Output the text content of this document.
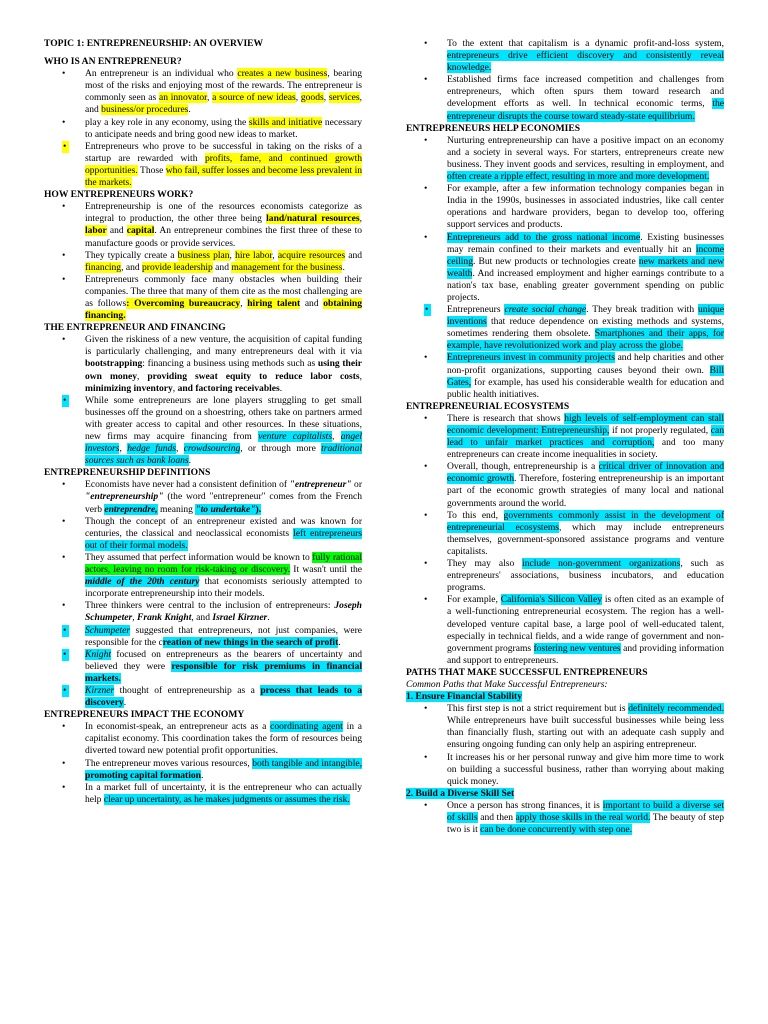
TOPIC 1: ENTREPRENEURSHIP: AN OVERVIEW

WHO IS AN ENTREPRENEUR?

• An entrepreneur is an individual who creates a new business, bearing most of the risks and enjoying most of the rewards. The entrepreneur is commonly seen as an innovator, a source of new ideas, goods, services, and business/or procedures.
• play a key role in any economy, using the skills and initiative necessary to anticipate needs and bring good new ideas to market.
• Entrepreneurs who prove to be successful in taking on the risks of a startup are rewarded with profits, fame, and continued growth opportunities. Those who fail, suffer losses and become less prevalent in the markets.

HOW ENTREPRENEURS WORK?

• Entrepreneurship is one of the resources economists categorize as integral to production, the other three being land/natural resources, labor and capital. An entrepreneur combines the first three of these to manufacture goods or provide services.
• They typically create a business plan, hire labor, acquire resources and financing, and provide leadership and management for the business.
• Entrepreneurs commonly face many obstacles when building their companies. The three that many of them cite as the most challenging are as follows: Overcoming bureaucracy, hiring talent and obtaining financing.

THE ENTREPRENEUR AND FINANCING

• Given the riskiness of a new venture, the acquisition of capital funding is particularly challenging, and many entrepreneurs deal with it via bootstrapping: financing a business using methods such as using their own money, providing sweat equity to reduce labor costs, minimizing inventory, and factoring receivables.
• While some entrepreneurs are lone players struggling to get small businesses off the ground on a shoestring, others take on partners armed with greater access to capital and other resources. In these situations, new firms may acquire financing from venture capitalists, angel investors, hedge funds, crowdsourcing, or through more traditional sources such as bank loans.

ENTREPRENEURSHIP DEFINITIONS

• Economists have never had a consistent definition of "entrepreneur" or "entrepreneurship" (the word "entrepreneur" comes from the French verb entreprendre, meaning "to undertake").
• Though the concept of an entrepreneur existed and was known for centuries, the classical and neoclassical economists left entrepreneurs out of their formal models.
• They assumed that perfect information would be known to fully rational actors, leaving no room for risk-taking or discovery. It wasn't until the middle of the 20th century that economists seriously attempted to incorporate entrepreneurship into their models.
• Three thinkers were central to the inclusion of entrepreneurs: Joseph Schumpeter, Frank Knight, and Israel Kirzner.
• Schumpeter suggested that entrepreneurs, not just companies, were responsible for the creation of new things in the search of profit.
• Knight focused on entrepreneurs as the bearers of uncertainty and believed they were responsible for risk premiums in financial markets.
• Kirzner thought of entrepreneurship as a process that leads to a discovery.

ENTREPRENEURS IMPACT THE ECONOMY

• In economist-speak, an entrepreneur acts as a coordinating agent in a capitalist economy. This coordination takes the form of resources being diverted toward new potential profit opportunities.
• The entrepreneur moves various resources, both tangible and intangible, promoting capital formation.
• In a market full of uncertainty, it is the entrepreneur who can actually help clear up uncertainty, as he makes judgments or assumes the risk.
• To the extent that capitalism is a dynamic profit-and-loss system, entrepreneurs drive efficient discovery and consistently reveal knowledge.
• Established firms face increased competition and challenges from entrepreneurs, which often spurs them toward research and development efforts as well. In technical economic terms, the entrepreneur disrupts the course toward steady-state equilibrium.

ENTREPRENEURS HELP ECONOMIES

• Nurturing entrepreneurship can have a positive impact on an economy and a society in several ways. For starters, entrepreneurs create new business. They invent goods and services, resulting in employment, and often create a ripple effect, resulting in more and more development.
• For example, after a few information technology companies began in India in the 1990s, businesses in associated industries, like call center operations and hardware providers, began to develop too, offering support services and products.
• Entrepreneurs add to the gross national income. Existing businesses may remain confined to their markets and eventually hit an income ceiling. But new products or technologies create new markets and new wealth. And increased employment and higher earnings contribute to a nation's tax base, enabling greater government spending on public projects.
• Entrepreneurs create social change. They break tradition with unique inventions that reduce dependence on existing methods and systems, sometimes rendering them obsolete. Smartphones and their apps, for example, have revolutionized work and play across the globe.
• Entrepreneurs invest in community projects and help charities and other non-profit organizations, supporting causes beyond their own. Bill Gates, for example, has used his considerable wealth for education and public health initiatives.

ENTREPRENEURIAL ECOSYSTEMS

• There is research that shows high levels of self-employment can stall economic development: Entrepreneurship, if not properly regulated, can lead to unfair market practices and corruption, and too many entrepreneurs can create income inequalities in society.
• Overall, though, entrepreneurship is a critical driver of innovation and economic growth. Therefore, fostering entrepreneurship is an important part of the economic growth strategies of many local and national governments around the world.
• To this end, governments commonly assist in the development of entrepreneurial ecosystems, which may include entrepreneurs themselves, government-sponsored assistance programs and venture capitalists.
• They may also include non-government organizations, such as entrepreneurs' associations, business incubators, and education programs.
• For example, California's Silicon Valley is often cited as an example of a well-functioning entrepreneurial ecosystem. The region has a well-developed venture capital base, a large pool of well-educated talent, especially in technical fields, and a wide range of government and non-government programs fostering new ventures and providing information and support to entrepreneurs.

PATHS THAT MAKE SUCCESSFUL ENTREPRENEURS

Common Paths that Make Successful Entrepreneurs:

1. Ensure Financial Stability

• This first step is not a strict requirement but is definitely recommended. While entrepreneurs have built successful businesses while being less than financially flush, starting out with an adequate cash supply and ensuring ongoing funding can only help an aspiring entrepreneur.
• It increases his or her personal runway and give him more time to work on building a successful business, rather than worrying about making quick money.

2. Build a Diverse Skill Set

• Once a person has strong finances, it is important to build a diverse set of skills and then apply those skills in the real world. The beauty of step two is it can be done concurrently with step one.
